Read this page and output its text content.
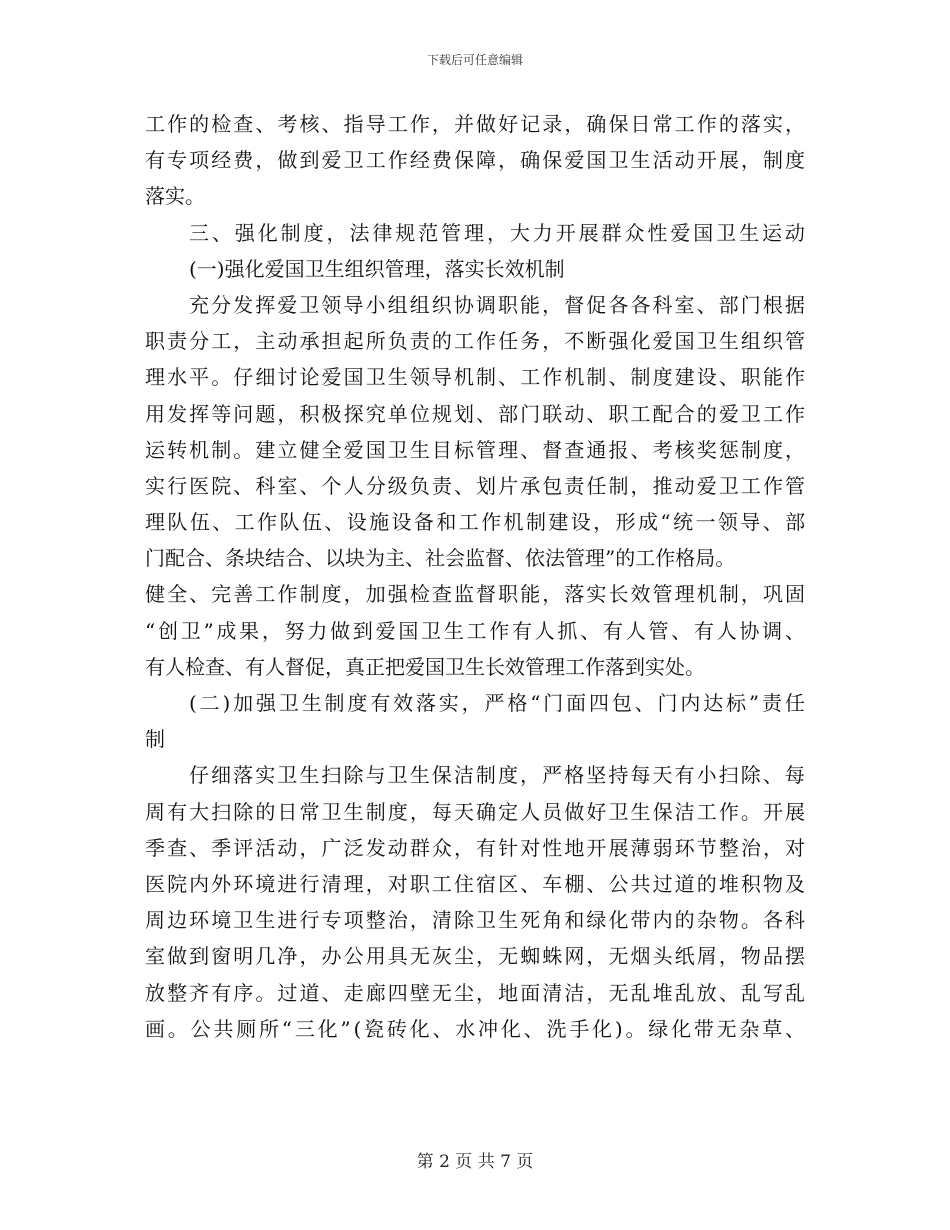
下载后可任意编辑
工作的检查、考核、指导工作，并做好记录，确保日常工作的落实，
有专项经费，做到爱卫工作经费保障，确保爱国卫生活动开展，制度
落实。
三、强化制度，法律规范管理，大力开展群众性爱国卫生运动
(一)强化爱国卫生组织管理，落实长效机制
充分发挥爱卫领导小组组织协调职能，督促各各科室、部门根据
职责分工，主动承担起所负责的工作任务，不断强化爱国卫生组织管
理水平。仔细讨论爱国卫生领导机制、工作机制、制度建设、职能作
用发挥等问题，积极探究单位规划、部门联动、职工配合的爱卫工作
运转机制。建立健全爱国卫生目标管理、督查通报、考核奖惩制度，
实行医院、科室、个人分级负责、划片承包责任制，推动爱卫工作管
理队伍、工作队伍、设施设备和工作机制建设，形成“统一领导、部
门配合、条块结合、以块为主、社会监督、依法管理”的工作格局。
健全、完善工作制度，加强检查监督职能，落实长效管理机制，巩固
“创卫”成果，努力做到爱国卫生工作有人抓、有人管、有人协调、
有人检查、有人督促，真正把爱国卫生长效管理工作落到实处。
(二)加强卫生制度有效落实，严格“门面四包、门内达标”责任
制
仔细落实卫生扫除与卫生保洁制度，严格坚持每天有小扫除、每
周有大扫除的日常卫生制度，每天确定人员做好卫生保洁工作。开展
季查、季评活动，广泛发动群众，有针对性地开展薄弱环节整治，对
医院内外环境进行清理，对职工住宿区、车棚、公共过道的堆积物及
周边环境卫生进行专项整治，清除卫生死角和绿化带内的杂物。各科
室做到窗明几净，办公用具无灰尘，无蜘蛛网，无烟头纸屑，物品摆
放整齐有序。过道、走廊四壁无尘，地面清洁，无乱堆乱放、乱写乱
画。公共厕所“三化”(瓷砖化、水冲化、洗手化)。绿化带无杂草、
第 2 页 共 7 页
